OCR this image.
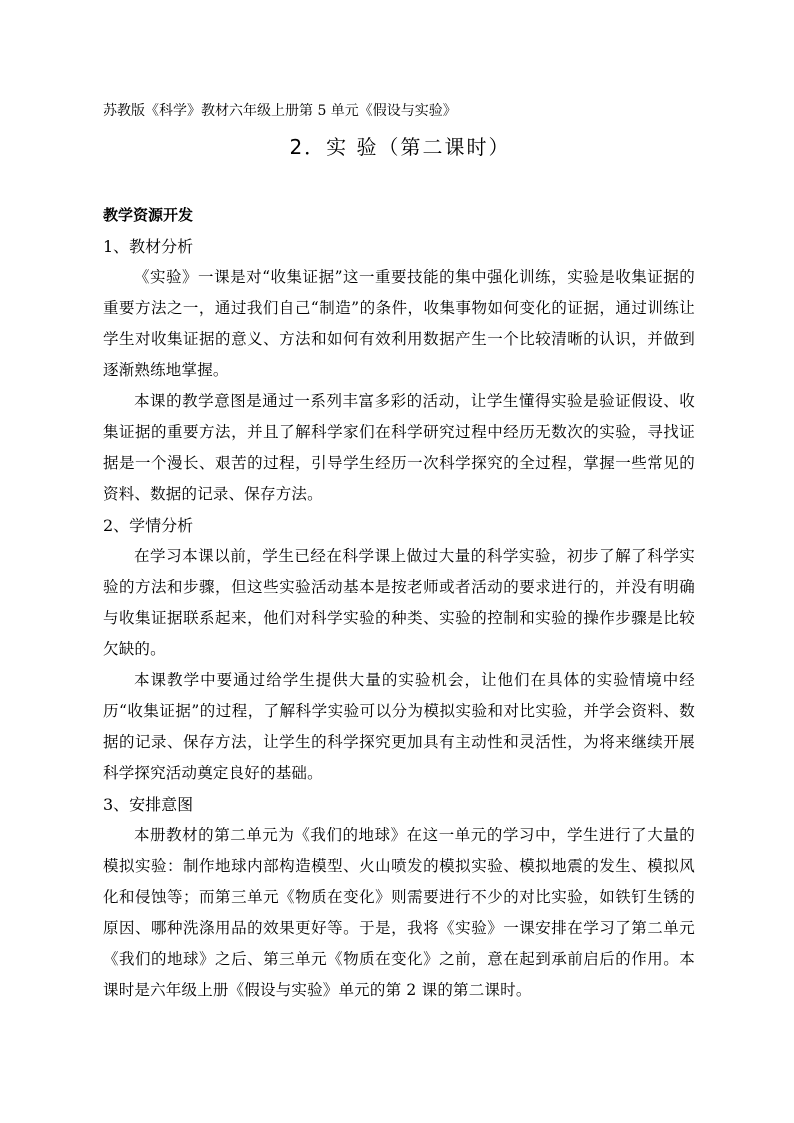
苏教版《科学》教材六年级上册第 5 单元《假设与实验》
2．实 验（第二课时）
教学资源开发
1、教材分析

《实验》一课是对“收集证据”这一重要技能的集中强化训练，实验是收集证据的重要方法之一，通过我们自己“制造”的条件，收集事物如何变化的证据，通过训练让学生对收集证据的意义、方法和如何有效利用数据产生一个比较清晰的认识，并做到逐渐熟练地掌握。

本课的教学意图是通过一系列丰富多彩的活动，让学生懂得实验是验证假设、收集证据的重要方法，并且了解科学家们在科学研究过程中经历无数次的实验，寻找证据是一个漫长、艰苦的过程，引导学生经历一次科学探究的全过程，掌握一些常见的资料、数据的记录、保存方法。

2、学情分析

在学习本课以前，学生已经在科学课上做过大量的科学实验，初步了解了科学实验的方法和步骤，但这些实验活动基本是按老师或者活动的要求进行的，并没有明确与收集证据联系起来，他们对科学实验的种类、实验的控制和实验的操作步骤是比较欠缺的。

本课教学中要通过给学生提供大量的实验机会，让他们在具体的实验情境中经历“收集证据”的过程，了解科学实验可以分为模拟实验和对比实验，并学会资料、数据的记录、保存方法，让学生的科学探究更加具有主动性和灵活性，为将来继续开展科学探究活动奠定良好的基础。

3、安排意图

本册教材的第二单元为《我们的地球》在这一单元的学习中，学生进行了大量的模拟实验：制作地球内部构造模型、火山喷发的模拟实验、模拟地震的发生、模拟风化和侵蚀等；而第三单元《物质在变化》则需要进行不少的对比实验，如铁钉生锈的原因、哪种洗涤用品的效果更好等。于是，我将《实验》一课安排在学习了第二单元《我们的地球》之后、第三单元《物质在变化》之前，意在起到承前启后的作用。本课时是六年级上册《假设与实验》单元的第 2 课的第二课时。
